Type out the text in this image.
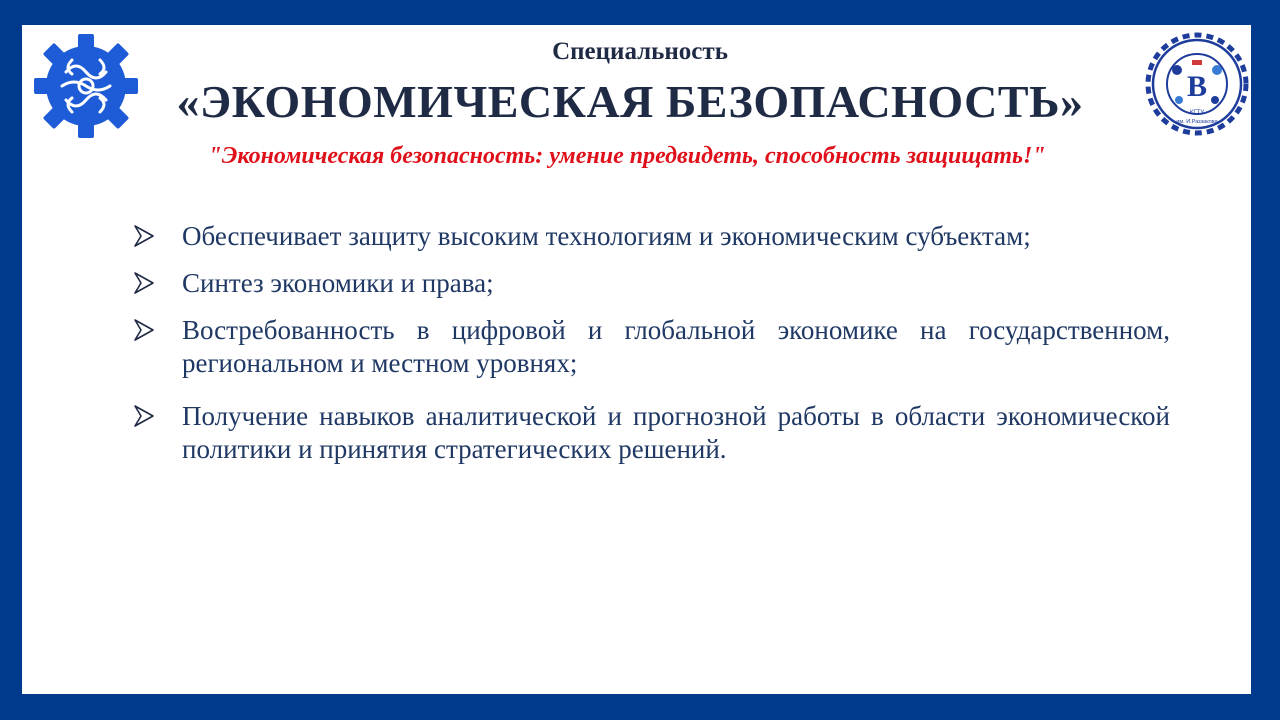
В
КГТУ
им. И.Раззакова
Специальность
«ЭКОНОМИЧЕСКАЯ БЕЗОПАСНОСТЬ»
"Экономическая безопасность: умение предвидеть, способность защищать!"
Обеспечивает защиту высоким технологиям и экономическим субъектам;
Синтез экономики и права;
Востребованность в цифровой и глобальной экономике на государственном, региональном и местном уровнях;
Получение навыков аналитической и прогнозной работы в области экономической политики и принятия стратегических решений.
